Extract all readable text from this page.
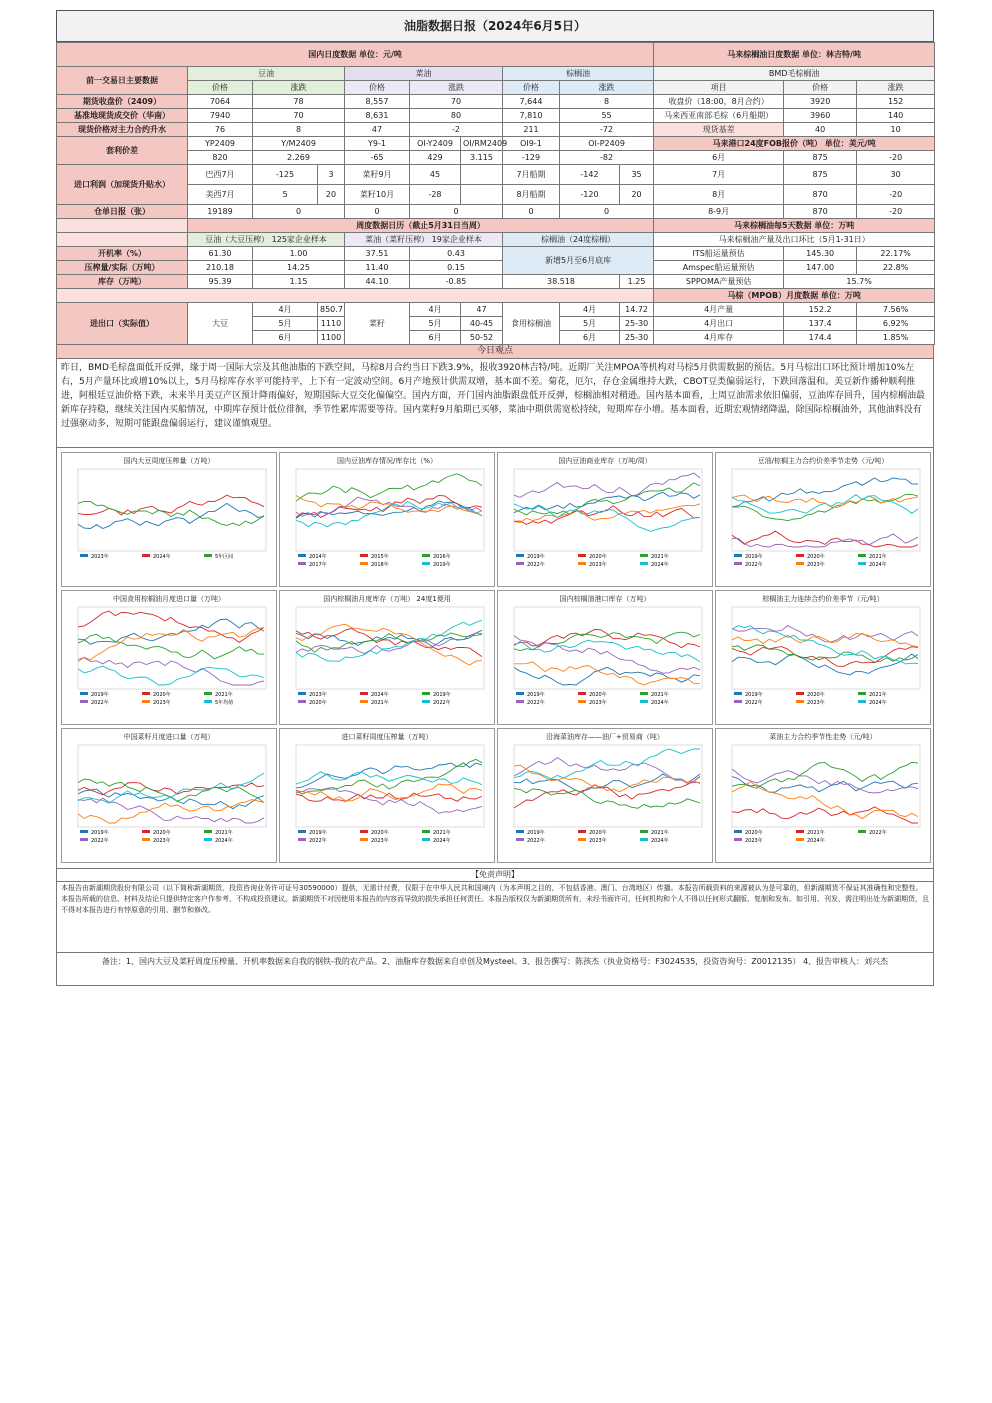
油脂数据日报（2024年6月5日）
国内日度数据 单位：元/吨										马来棕榈油日度数据 单位：林吉特/吨		
前一交易日主要数据	豆油			菜油			棕榈油			BMD毛棕榈油		
	价格	涨跌		价格	涨跌		价格	涨跌		项目	价格	涨跌
期货收盘价（2409）	7064	78		8,557	70		7,644	8		收盘价（18:00，8月合约）	3920	152
基准地现货成交价（华南）	7940	70		8,631	80		7,810	55		马来西亚南部毛棕（6月船期）	3960	140
现货价格对主力合约升水	76	8		47	-2		211	-72		现货基差	40	10
套利价差	YP2409	Y/M2409		Y9-1	OI-Y2409	OI/RM2409	OI9-1	OI-P2409		马来港口24度FOB报价（吨） 单位：美元/吨		
	820	2.269		-65	429	3.115	-129	-82		6月	875	-20
进口利润（加现货升贴水）	巴西7月	-125	3	菜籽9月	45		7月船期	-142	35	7月	875	30
	美西7月	5	20	菜籽10月	-28		8月船期	-120	20	8月	870	-20
仓单日报（张）	19189	0		0	0		0	0		8-9月	870	-20
	周度数据日历（截止5月31日当周）									马来棕榈油每5天数据 单位：万吨		
	豆油（大豆压榨） 125家企业样本			菜油（菜籽压榨） 19家企业样本			棕榈油（24度棕榈）			马来棕榈油产量及出口环比（5月1-31日）		
开机率（%）	61.30	1.00		37.51	0.43		新增5月至6月底库			ITS船运量预估	145.30	22.17%
压榨量/实际（万吨）	210.18	14.25		11.40	0.15					Amspec船运量预估	147.00	22.8%
库存（万吨）	95.39	1.15		44.10	-0.85		38.518		1.25	SPPOMA产量预估	15.7%	
										马棕（MPOB）月度数据 单位：万吨		
进出口（实际值）	大豆	4月	850.7	菜籽	4月	47	食用棕榈油	4月	14.72	4月产量	152.2	7.56%
		5月	1110		5月	40-45		5月	25-30	4月出口	137.4	6.92%
		6月	1100		6月	50-52		6月	25-30	4月库存	174.4	1.85%
今日观点
昨日，BMD毛棕盘面低开反弹，缘于周一国际大宗及其他油脂的下跌空间，马棕8月合约当日下跌3.9%，报收3920林吉特/吨。近期厂关注MPOA等机构对马棕5月供需数据的预估。5月马棕出口环比预计增加10%左右，5月产量环比或增10%以上，5月马棕库存水平可能持平，上下有一定波动空间。6月产地预计供需双增，基本面不差。菊花，厄尔，存仓金属维持大跌，CBOT豆类偏弱运行，下跌回落温和。美豆新作播种顺利推进，阿根廷豆油价格下跌，未来半月美豆产区预计降雨偏好，短期国际大豆交化偏偏空。国内方面，开门国内油脂跟盘低开反弹，棕榈油相对稍逊。国内基本面看，上周豆油需求依旧偏弱，豆油库存回升，国内棕榈油最新库存持稳，继续关注国内买船情况，中期库存预计低位徘徊，季节性累库需要等待。国内菜籽9月船期已买够，菜油中期供需宽松持续，短期库存小增。基本面看，近期宏观情绪降温，除国际棕榈油外，其他油料没有过强驱动多，短期可能跟盘偏弱运行，建议谨慎观望。
国内大豆周度压榨量（万吨）
2023年	2024年	5年区间
国内豆油库存情况/库存比（%）
2014年	2015年	2016年
2017年	2018年	2019年
国内豆油商业库存（万吨/周）
2019年	2020年	2021年
2022年	2023年	2024年
豆油/棕榈主力合约价差季节走势（元/吨）
2019年	2020年	2021年
2022年	2023年	2024年
中国食用棕榈油月度进口量（万吨）
2019年	2020年	2021年
2022年	2023年	5年均值
国内棕榈油月度库存（万吨） 24度1便用
2023年	2024年	2019年
2020年	2021年	2022年
国内棕榈油港口库存（万吨）
2019年	2020年	2021年
2022年	2023年	2024年
棕榈油主力连续合约价差季节（元/吨）
2019年	2020年	2021年
2022年	2023年	2024年
中国菜籽月度进口量（万吨）
2019年	2020年	2021年
2022年	2023年	2024年
进口菜籽周度压榨量（万吨）
2019年	2020年	2021年
2022年	2023年	2024年
沿海菜油库存——油厂+贸易商（吨）
2019年	2020年	2021年
2022年	2023年	2024年
菜油主力合约季节性走势（元/吨）
2020年	2021年	2022年
2023年	2024年
【免责声明】
本报告由新湖期货股份有限公司（以下简称新湖期货，投资咨询业务许可证号30590000）提供，无需计付费，仅限于在中华人民共和国境内（为本声明之目的，不包括香港、澳门、台湾地区）传播。本报告所载资料的来源被认为是可靠的，但新湖期货不保证其准确性和完整性。本报告所载的信息、材料及结论只提供特定客户作参考，不构成投资建议。新湖期货不对因使用本报告的内容而导致的损失承担任何责任。本报告版权仅为新湖期货所有，未经书面许可，任何机构和个人不得以任何形式翻版、复制和发布。如引用、刊发，需注明出处为新湖期货，且不得对本报告进行有悖原意的引用、删节和修改。
备注：1、国内大豆及菜籽周度压榨量、开机率数据来自我的钢铁-我的农产品。2、油脂库存数据来自卓创及Mysteel。3、报告撰写：陈孩杰（执业资格号：F3024535，投资咨询号：Z0012135） 4、报告审核人：刘兴杰
